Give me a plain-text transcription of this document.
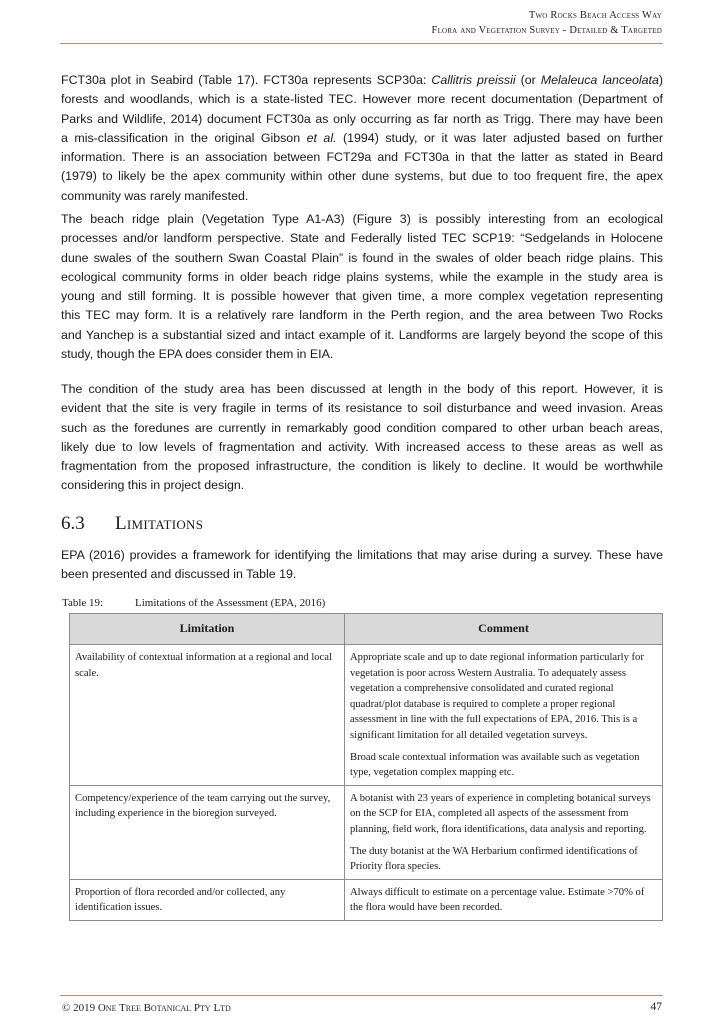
Two Rocks Beach Access Way
Flora and Vegetation Survey - Detailed & Targeted
FCT30a plot in Seabird (Table 17). FCT30a represents SCP30a: Callitris preissii (or Melaleuca lanceolata)
forests and woodlands, which is a state-listed TEC. However more recent documentation (Department of
Parks and Wildlife, 2014) document FCT30a as only occurring as far north as Trigg. There may have been
a mis-classification in the original Gibson et al. (1994) study, or it was later adjusted based on further
information. There is an association between FCT29a and FCT30a in that the latter as stated in Beard
(1979) to likely be the apex community within other dune systems, but due to too frequent fire, the apex
community was rarely manifested.
The beach ridge plain (Vegetation Type A1-A3) (Figure 3) is possibly interesting from an ecological
processes and/or landform perspective. State and Federally listed TEC SCP19: “Sedgelands in Holocene
dune swales of the southern Swan Coastal Plain” is found in the swales of older beach ridge plains. This
ecological community forms in older beach ridge plains systems, while the example in the study area is
young and still forming. It is possible however that given time, a more complex vegetation representing
this TEC may form. It is a relatively rare landform in the Perth region, and the area between Two Rocks
and Yanchep is a substantial sized and intact example of it. Landforms are largely beyond the scope of this
study, though the EPA does consider them in EIA.
The condition of the study area has been discussed at length in the body of this report. However, it is
evident that the site is very fragile in terms of its resistance to soil disturbance and weed invasion. Areas
such as the foredunes are currently in remarkably good condition compared to other urban beach areas,
likely due to low levels of fragmentation and activity. With increased access to these areas as well as
fragmentation from the proposed infrastructure, the condition is likely to decline. It would be worthwhile
considering this in project design.
6.3 Limitations
EPA (2016) provides a framework for identifying the limitations that may arise during a survey. These have
been presented and discussed in Table 19.
Table 19:	Limitations of the Assessment (EPA, 2016)
Limitation	Comment

Availability of contextual information at a regional and local scale.	Appropriate scale and up to date regional information particularly for vegetation is poor across Western Australia. To adequately assess vegetation a comprehensive consolidated and curated regional quadrat/plot database is required to complete a proper regional assessment in line with the full expectations of EPA, 2016. This is a significant limitation for all detailed vegetation surveys.

Broad scale contextual information was available such as vegetation type, vegetation complex mapping etc.

Competency/experience of the team carrying out the survey, including experience in the bioregion surveyed.	A botanist with 23 years of experience in completing botanical surveys on the SCP for EIA, completed all aspects of the assessment from planning, field work, flora identifications, data analysis and reporting.

The duty botanist at the WA Herbarium confirmed identifications of Priority flora species.

Proportion of flora recorded and/or collected, any identification issues.	Always difficult to estimate on a percentage value. Estimate >70% of the flora would have been recorded.

© 2019 One Tree Botanical Pty Ltd	47
